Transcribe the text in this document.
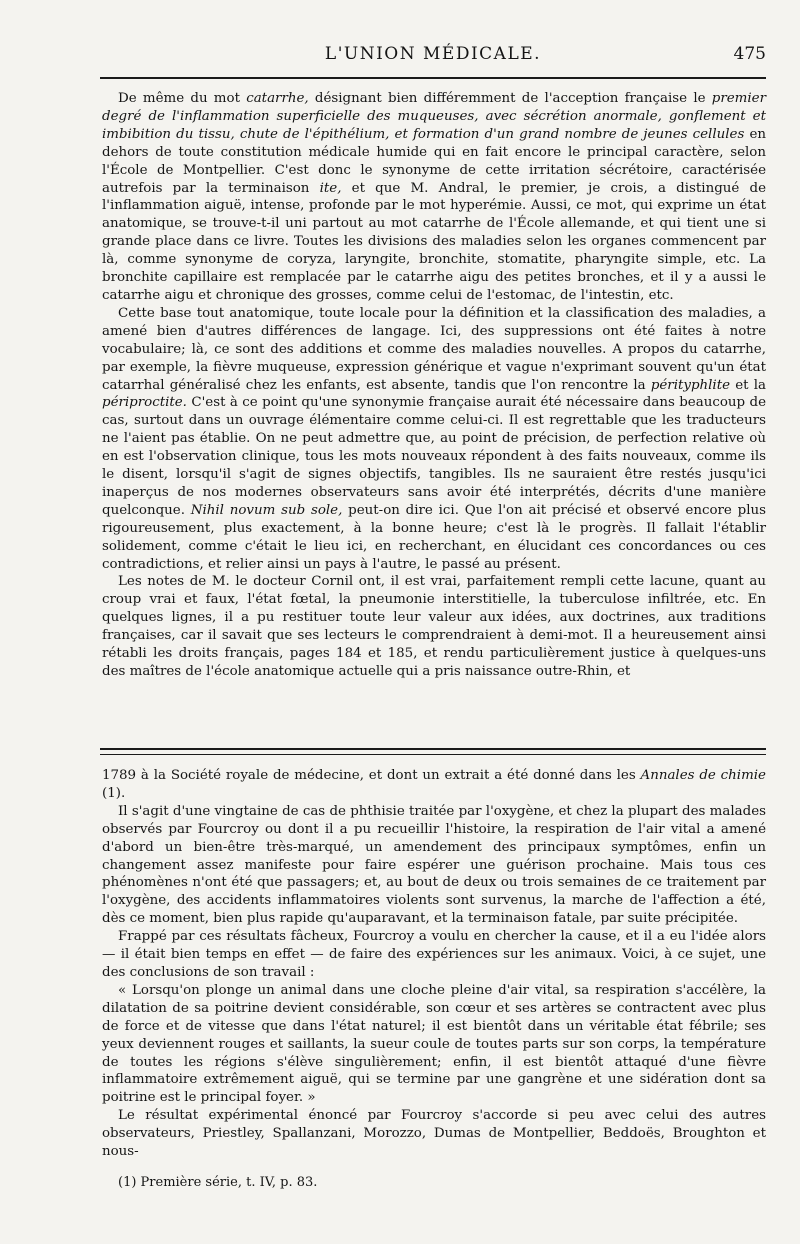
L'UNION MÉDICALE.	475

De même du mot catarrhe, désignant bien différemment de l'acception française le premier degré de l'inflammation superficielle des muqueuses, avec sécrétion anormale, gonflement et imbibition du tissu, chute de l'épithélium, et formation d'un grand nombre de jeunes cellules en dehors de toute constitution médicale humide qui en fait encore le principal caractère, selon l'École de Montpellier. C'est donc le synonyme de cette irritation sécrétoire, caractérisée autrefois par la terminaison ite, et que M. Andral, le premier, je crois, a distingué de l'inflammation aiguë, intense, profonde par le mot hyperémie. Aussi, ce mot, qui exprime un état anatomique, se trouve-t-il uni partout au mot catarrhe de l'École allemande, et qui tient une si grande place dans ce livre. Toutes les divisions des maladies selon les organes commencent par là, comme synonyme de coryza, laryngite, bronchite, stomatite, pharyngite simple, etc. La bronchite capillaire est remplacée par le catarrhe aigu des petites bronches, et il y a aussi le catarrhe aigu et chronique des grosses, comme celui de l'estomac, de l'intestin, etc.

Cette base tout anatomique, toute locale pour la définition et la classification des maladies, a amené bien d'autres différences de langage. Ici, des suppressions ont été faites à notre vocabulaire; là, ce sont des additions et comme des maladies nouvelles. A propos du catarrhe, par exemple, la fièvre muqueuse, expression générique et vague n'exprimant souvent qu'un état catarrhal généralisé chez les enfants, est absente, tandis que l'on rencontre la pérityphlite et la périproctite. C'est à ce point qu'une synonymie française aurait été nécessaire dans beaucoup de cas, surtout dans un ouvrage élémentaire comme celui-ci. Il est regrettable que les traducteurs ne l'aient pas établie. On ne peut admettre que, au point de précision, de perfection relative où en est l'observation clinique, tous les mots nouveaux répondent à des faits nouveaux, comme ils le disent, lorsqu'il s'agit de signes objectifs, tangibles. Ils ne sauraient être restés jusqu'ici inaperçus de nos modernes observateurs sans avoir été interprétés, décrits d'une manière quelconque. Nihil novum sub sole, peut-on dire ici. Que l'on ait précisé et observé encore plus rigoureusement, plus exactement, à la bonne heure; c'est là le progrès. Il fallait l'établir solidement, comme c'était le lieu ici, en recherchant, en élucidant ces concordances ou ces contradictions, et relier ainsi un pays à l'autre, le passé au présent.

Les notes de M. le docteur Cornil ont, il est vrai, parfaitement rempli cette lacune, quant au croup vrai et faux, l'état fœtal, la pneumonie interstitielle, la tuberculose infiltrée, etc. En quelques lignes, il a pu restituer toute leur valeur aux idées, aux doctrines, aux traditions françaises, car il savait que ses lecteurs le comprendraient à demi-mot. Il a heureusement ainsi rétabli les droits français, pages 184 et 185, et rendu particulièrement justice à quelques-uns des maîtres de l'école anatomique actuelle qui a pris naissance outre-Rhin, et

1789 à la Société royale de médecine, et dont un extrait a été donné dans les Annales de chimie (1).

Il s'agit d'une vingtaine de cas de phthisie traitée par l'oxygène, et chez la plupart des malades observés par Fourcroy ou dont il a pu recueillir l'histoire, la respiration de l'air vital a amené d'abord un bien-être très-marqué, un amendement des principaux symptômes, enfin un changement assez manifeste pour faire espérer une guérison prochaine. Mais tous ces phénomènes n'ont été que passagers; et, au bout de deux ou trois semaines de ce traitement par l'oxygène, des accidents inflammatoires violents sont survenus, la marche de l'affection a été, dès ce moment, bien plus rapide qu'auparavant, et la terminaison fatale, par suite précipitée.

Frappé par ces résultats fâcheux, Fourcroy a voulu en chercher la cause, et il a eu l'idée alors — il était bien temps en effet — de faire des expériences sur les animaux. Voici, à ce sujet, une des conclusions de son travail :

« Lorsqu'on plonge un animal dans une cloche pleine d'air vital, sa respiration s'accélère, la dilatation de sa poitrine devient considérable, son cœur et ses artères se contractent avec plus de force et de vitesse que dans l'état naturel; il est bientôt dans un véritable état fébrile; ses yeux deviennent rouges et saillants, la sueur coule de toutes parts sur son corps, la température de toutes les régions s'élève singulièrement; enfin, il est bientôt attaqué d'une fièvre inflammatoire extrêmement aiguë, qui se termine par une gangrène et une sidération dont sa poitrine est le principal foyer. »

Le résultat expérimental énoncé par Fourcroy s'accorde si peu avec celui des autres observateurs, Priestley, Spallanzani, Morozzo, Dumas de Montpellier, Beddoës, Broughton et nous-

(1) Première série, t. IV, p. 83.
